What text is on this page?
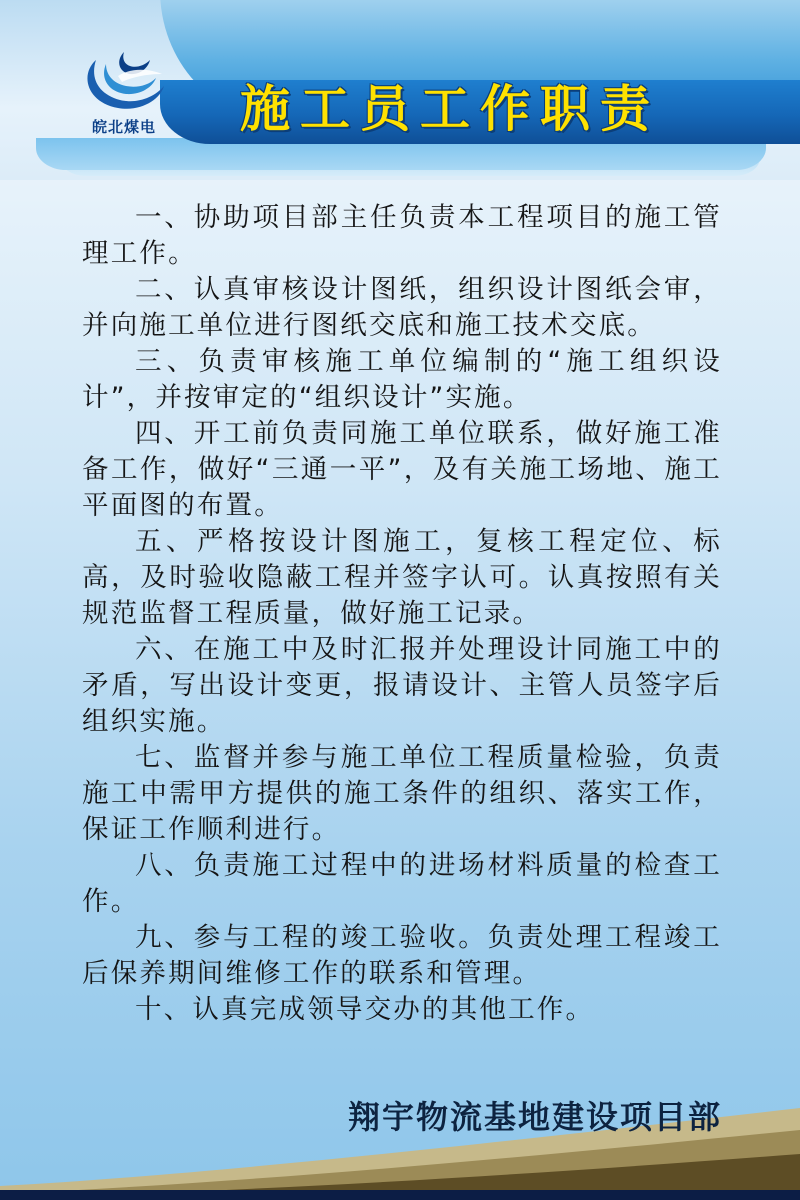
施工员工作职责
皖北煤电

一、协助项目部主任负责本工程项目的施工管理工作。

二、认真审核设计图纸，组织设计图纸会审，并向施工单位进行图纸交底和施工技术交底。

三、负责审核施工单位编制的“施工组织设计”，并按审定的“组织设计”实施。

四、开工前负责同施工单位联系，做好施工准备工作，做好“三通一平”，及有关施工场地、施工平面图的布置。

五、严格按设计图施工，复核工程定位、标高，及时验收隐蔽工程并签字认可。认真按照有关规范监督工程质量，做好施工记录。

六、在施工中及时汇报并处理设计同施工中的矛盾，写出设计变更，报请设计、主管人员签字后组织实施。

七、监督并参与施工单位工程质量检验，负责施工中需甲方提供的施工条件的组织、落实工作，保证工作顺利进行。

八、负责施工过程中的进场材料质量的检查工作。

九、参与工程的竣工验收。负责处理工程竣工后保养期间维修工作的联系和管理。

十、认真完成领导交办的其他工作。

翔宇物流基地建设项目部
